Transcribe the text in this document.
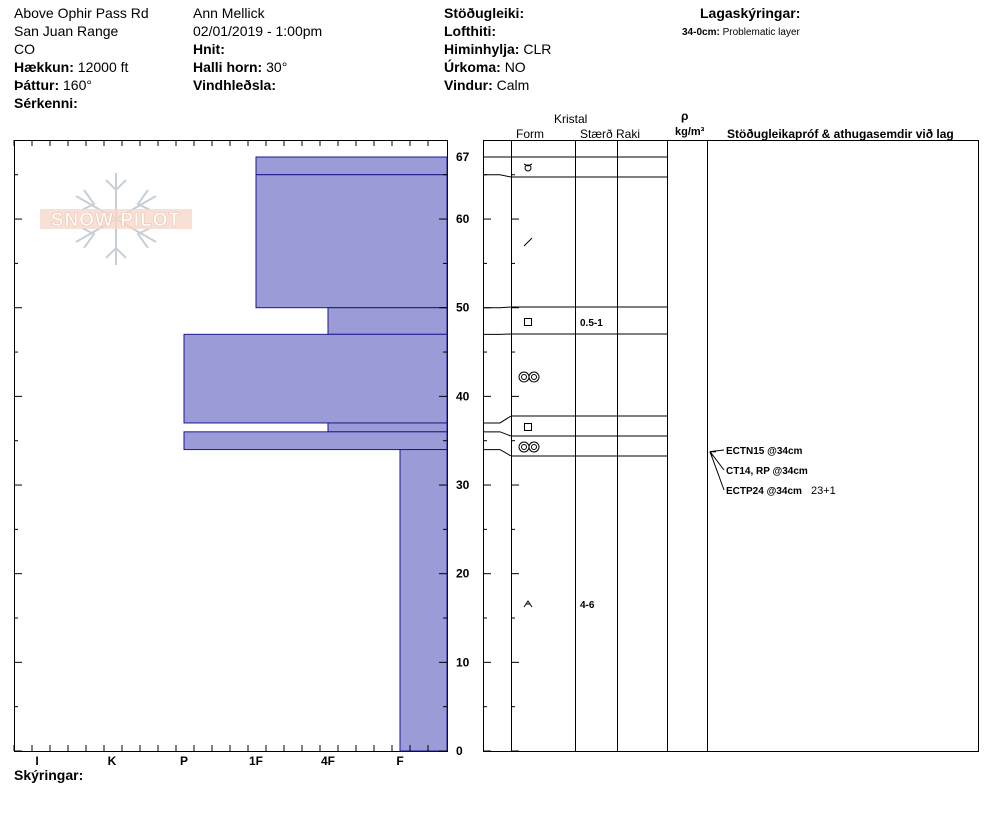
Above Ophir Pass Rd
San Juan Range
CO
Hækkun: 12000 ft
Þáttur: 160°
Sérkenni:
Ann Mellick
02/01/2019 - 1:00pm
Hnit:
Halli horn: 30°
Vindhleðsla:
Stöðugleiki:
Lofthiti:
Himinhylja: CLR
Úrkoma: NO
Vindur: Calm
Lagaskýringar:
34-0cm: Problematic layer
Skýringar:
Kristal
Form	Stærð Raki
ρ
kg/m³ Stöðugleikapróf & athugasemdir við lag
SNOW PILOT
0
10
20
30
40
50
60
67
I	K	P	1F	4F	F
0.5-1
4-6
ECTN15 @34cm
CT14, RP @34cm
ECTP24 @34cm 23+1
